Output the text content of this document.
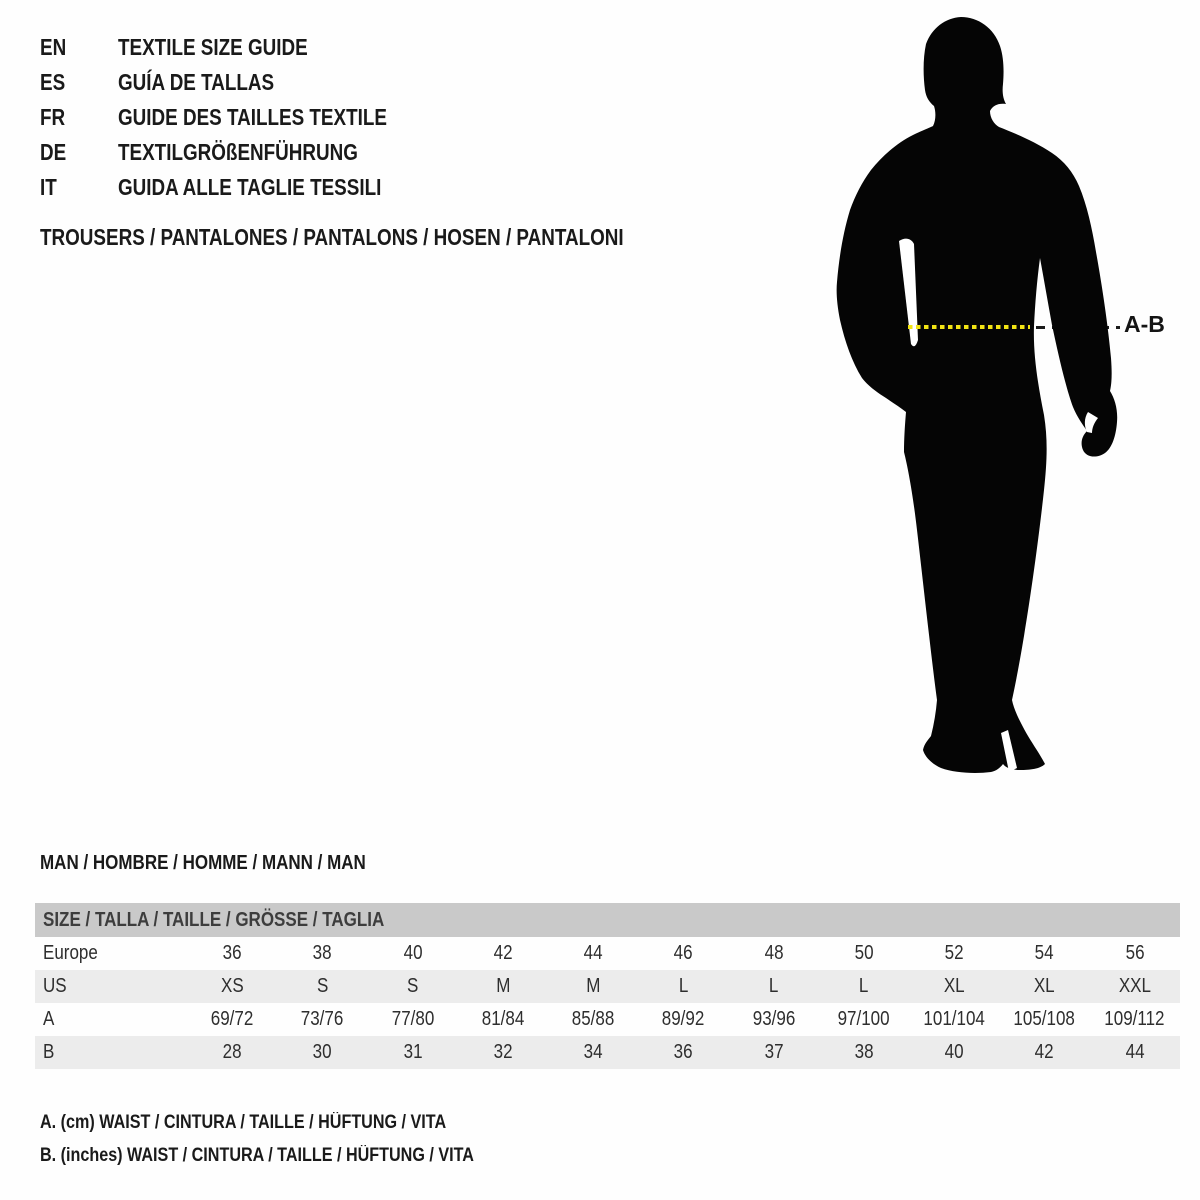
EN TEXTILE SIZE GUIDE
ES GUÍA DE TALLAS
FR GUIDE DES TAILLES TEXTILE
DE TEXTILGRÖßENFÜHRUNG
IT	GUIDA ALLE TAGLIE TESSILI
TROUSERS / PANTALONES / PANTALONS / HOSEN / PANTALONI
A-B
MAN / HOMBRE / HOMME / MANN / MAN
SIZE / TALLA / TAILLE / GRÖSSE / TAGLIA
Europe	36	38	40	42	44	46	48	50	52	54	56
US	XS	S	S	M	M	L	L	L	XL	XL	XXL
A	69/72	73/76	77/80	81/84	85/88	89/92	93/96	97/100	101/104	105/108	109/112
B	28	30	31	32	34	36	37	38	40	42	44
A. (cm) WAIST / CINTURA / TAILLE / HÜFTUNG / VITA
B. (inches) WAIST / CINTURA / TAILLE / HÜFTUNG / VITA
